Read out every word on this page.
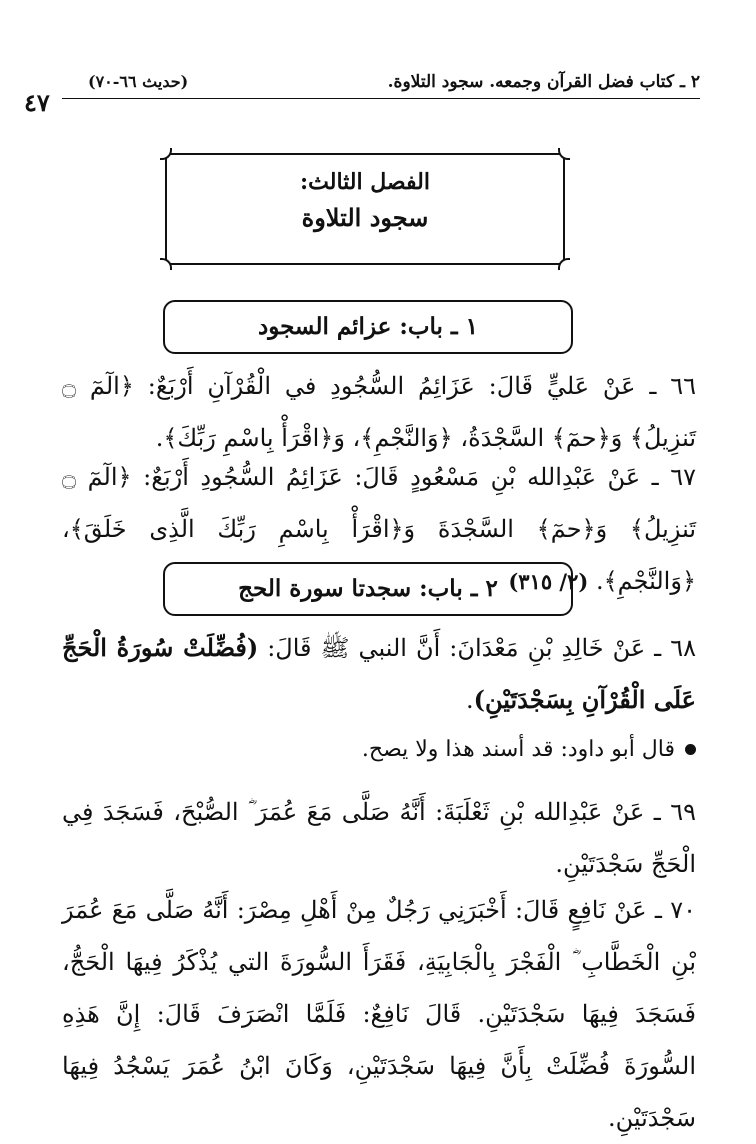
٢ ـ كتاب فضل القرآن وجمعه. سجود التلاوة.
(حديث ٦٦-٧٠)
٤٧
الفصل الثالث:
سجود التلاوة
١ ـ باب: عزائم السجود
٦٦ ـ عَنْ عَليٍّ قَالَ: عَزَائِمُ السُّجُودِ في الْقُرْآنِ أَرْبَعٌ: ﴿الٓمٓ ۝ تَنزِيلُ﴾ وَ﴿حمٓ﴾ السَّجْدَةُ، ﴿وَالنَّجْمِ﴾، وَ﴿اقْرَأْ بِاسْمِ رَبِّكَ﴾.
٦٧ ـ عَنْ عَبْدِالله بْنِ مَسْعُودٍ قَالَ: عَزَائِمُ السُّجُودِ أَرْبَعٌ: ﴿الٓمٓ ۝ تَنزِيلُ﴾ وَ﴿حمٓ﴾ السَّجْدَةَ وَ﴿اقْرَأْ بِاسْمِ رَبِّكَ الَّذِى خَلَقَ﴾، ﴿وَالنَّجْمِ﴾. (٢/ ٣١٥)
٢ ـ باب: سجدتا سورة الحج
٦٨ ـ عَنْ خَالِدِ بْنِ مَعْدَانَ: أَنَّ النبي ﷺ قَالَ: (فُضِّلَتْ سُورَةُ الْحَجِّ عَلَى الْقُرْآنِ بِسَجْدَتَيْنِ).
قال أبو داود: قد أسند هذا ولا يصح.
٦٩ ـ عَنْ عَبْدِالله بْنِ ثَعْلَبَةَ: أَنَّهُ صَلَّى مَعَ عُمَرَ ؓ الصُّبْحَ، فَسَجَدَ فِي الْحَجِّ سَجْدَتَيْنِ.
٧٠ ـ عَنْ نَافِعٍ قَالَ: أَخْبَرَنِي رَجُلٌ مِنْ أَهْلِ مِصْرَ: أَنَّهُ صَلَّى مَعَ عُمَرَ بْنِ الْخَطَّابِ ؓ الْفَجْرَ بِالْجَابِيَةِ، فَقَرَأَ السُّورَةَ التي يُذْكَرُ فِيهَا الْحَجُّ، فَسَجَدَ فِيهَا سَجْدَتَيْنِ. قَالَ نَافِعٌ: فَلَمَّا انْصَرَفَ قَالَ: إِنَّ هَذِهِ السُّورَةَ فُضِّلَتْ بِأَنَّ فِيهَا سَجْدَتَيْنِ، وَكَانَ ابْنُ عُمَرَ يَسْجُدُ فِيهَا سَجْدَتَيْنِ.
